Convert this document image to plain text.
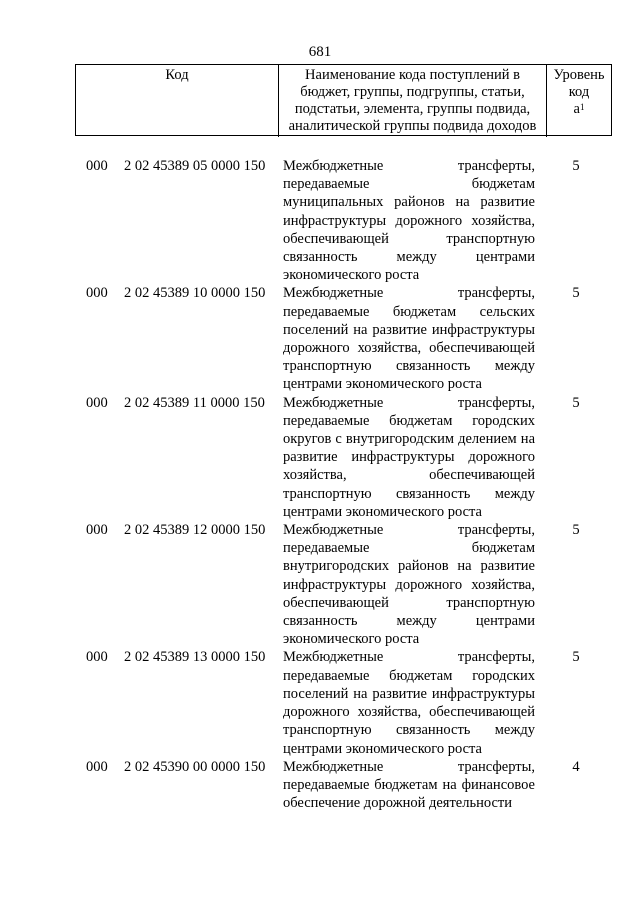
681
Код	Наименование кода поступлений в бюджет, группы, подгруппы, статьи, подстатьи, элемента, группы подвида, аналитической группы подвида доходов
Уровень код
$а^1$
000 2 02 45389 05 0000 150 Межбюджетные трансферты, передаваемые бюджетам муниципальных районов на развитие инфраструктуры дорожного хозяйства, обеспечивающей транспортную связанность между центрами экономического роста
5
000 2 02 45389 10 0000 150 Межбюджетные трансферты, передаваемые бюджетам сельских поселений на развитие инфраструктуры дорожного хозяйства, обеспечивающей транспортную связанность между центрами экономического роста
5
000 2 02 45389 11 0000 150 Межбюджетные трансферты, передаваемые бюджетам городских округов с внутригородским делением на развитие инфраструктуры дорожного хозяйства, обеспечивающей транспортную связанность между центрами экономического роста
5
000 2 02 45389 12 0000 150 Межбюджетные трансферты, передаваемые бюджетам внутригородских районов на развитие инфраструктуры дорожного хозяйства, обеспечивающей транспортную связанность между центрами экономического роста
5
000 2 02 45389 13 0000 150 Межбюджетные трансферты, передаваемые бюджетам городских поселений на развитие инфраструктуры дорожного хозяйства, обеспечивающей транспортную связанность между центрами экономического роста
5
000 2 02 45390 00 0000 150 Межбюджетные трансферты, передаваемые бюджетам на финансовое обеспечение дорожной деятельности
4
